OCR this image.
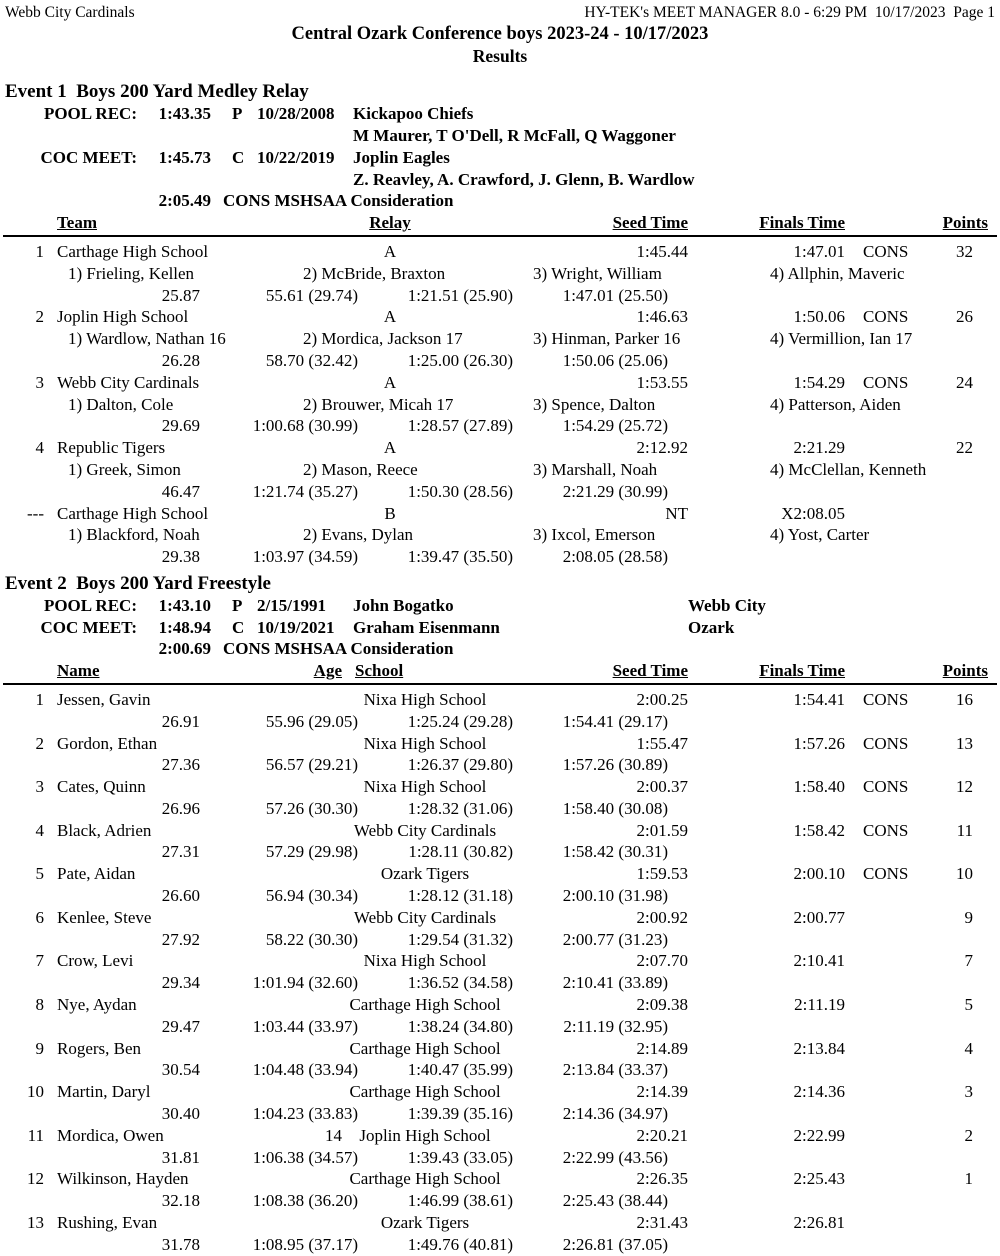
Webb City Cardinals	HY-TEK's MEET MANAGER 8.0 - 6:29 PM  10/17/2023  Page 1
Central Ozark Conference boys 2023-24 - 10/17/2023
Results
Event 1  Boys 200 Yard Medley Relay
POOL REC:	1:43.35 P 10/28/2008 Kickapoo Chiefs
M Maurer, T O'Dell, R McFall, Q Waggoner
COC MEET:	1:45.73 C 10/22/2019 Joplin Eagles
Z. Reavley, A. Crawford, J. Glenn, B. Wardlow
2:05.49 CONS MSHSAA Consideration
Team	Relay	Seed Time	Finals Time	Points
1 Carthage High School	A	1:45.44	1:47.01 CONS	32
1) Frieling, Kellen	2) McBride, Braxton	3) Wright, William	4) Allphin, Maveric
25.87	55.61 (29.74)	1:21.51 (25.90)	1:47.01 (25.50)
2 Joplin High School	A	1:46.63	1:50.06 CONS	26
1) Wardlow, Nathan 16	2) Mordica, Jackson 17	3) Hinman, Parker 16	4) Vermillion, Ian 17
26.28	58.70 (32.42)	1:25.00 (26.30)	1:50.06 (25.06)
3 Webb City Cardinals	A	1:53.55	1:54.29 CONS	24
1) Dalton, Cole	2) Brouwer, Micah 17	3) Spence, Dalton	4) Patterson, Aiden
29.69	1:00.68 (30.99)	1:28.57 (27.89)	1:54.29 (25.72)
4 Republic Tigers	A	2:12.92	2:21.29	22
1) Greek, Simon	2) Mason, Reece	3) Marshall, Noah	4) McClellan, Kenneth
46.47	1:21.74 (35.27)	1:50.30 (28.56)	2:21.29 (30.99)
--- Carthage High School	B	NT	X2:08.05
1) Blackford, Noah	2) Evans, Dylan	3) Ixcol, Emerson	4) Yost, Carter
29.38	1:03.97 (34.59)	1:39.47 (35.50)	2:08.05 (28.58)
Event 2  Boys 200 Yard Freestyle
POOL REC:	1:43.10 P 2/15/1991 John Bogatko	Webb City
COC MEET:	1:48.94 C 10/19/2021 Graham Eisenmann	Ozark
2:00.69 CONS MSHSAA Consideration
Name	Age School	Seed Time	Finals Time	Points
1 Jessen, Gavin	Nixa High School	2:00.25	1:54.41 CONS	16
26.91	55.96 (29.05)	1:25.24 (29.28)	1:54.41 (29.17)
2 Gordon, Ethan	Nixa High School	1:55.47	1:57.26 CONS	13
27.36	56.57 (29.21)	1:26.37 (29.80)	1:57.26 (30.89)
3 Cates, Quinn	Nixa High School	2:00.37	1:58.40 CONS	12
26.96	57.26 (30.30)	1:28.32 (31.06)	1:58.40 (30.08)
4 Black, Adrien	Webb City Cardinals	2:01.59	1:58.42 CONS	11
27.31	57.29 (29.98)	1:28.11 (30.82)	1:58.42 (30.31)
5 Pate, Aidan	Ozark Tigers	1:59.53	2:00.10 CONS	10
26.60	56.94 (30.34)	1:28.12 (31.18)	2:00.10 (31.98)
6 Kenlee, Steve	Webb City Cardinals	2:00.92	2:00.77	9
27.92	58.22 (30.30)	1:29.54 (31.32)	2:00.77 (31.23)
7 Crow, Levi	Nixa High School	2:07.70	2:10.41	7
29.34	1:01.94 (32.60)	1:36.52 (34.58)	2:10.41 (33.89)
8 Nye, Aydan	Carthage High School	2:09.38	2:11.19	5
29.47	1:03.44 (33.97)	1:38.24 (34.80)	2:11.19 (32.95)
9 Rogers, Ben	Carthage High School	2:14.89	2:13.84	4
30.54	1:04.48 (33.94)	1:40.47 (35.99)	2:13.84 (33.37)
10 Martin, Daryl	Carthage High School	2:14.39	2:14.36	3
30.40	1:04.23 (33.83)	1:39.39 (35.16)	2:14.36 (34.97)
11 Mordica, Owen	14	Joplin High School	2:20.21	2:22.99	2
31.81	1:06.38 (34.57)	1:39.43 (33.05)	2:22.99 (43.56)
12 Wilkinson, Hayden	Carthage High School	2:26.35	2:25.43	1
32.18	1:08.38 (36.20)	1:46.99 (38.61)	2:25.43 (38.44)
13 Rushing, Evan	Ozark Tigers	2:31.43	2:26.81
31.78	1:08.95 (37.17)	1:49.76 (40.81)	2:26.81 (37.05)
